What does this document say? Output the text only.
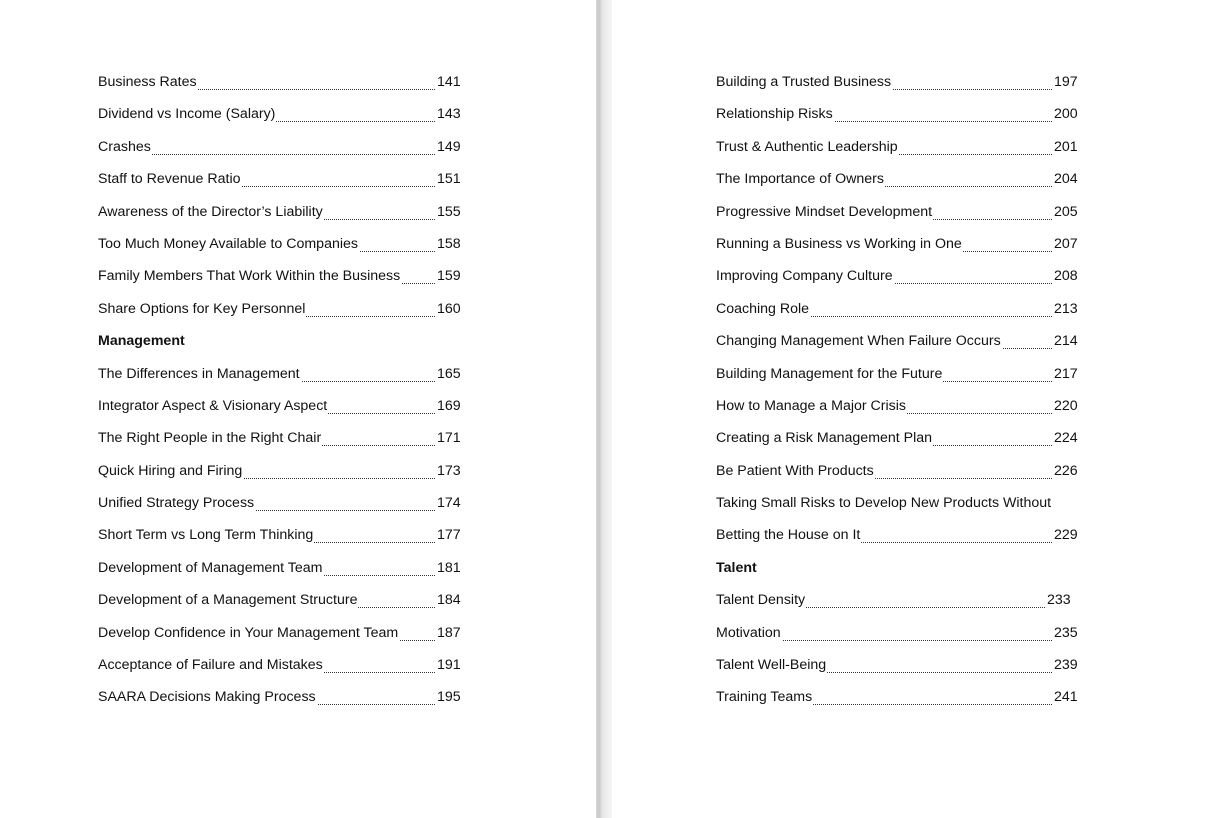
Business Rates	141
Dividend vs Income (Salary)	143
Crashes	149
Staff to Revenue Ratio	151
Awareness of the Director’s Liability	155
Too Much Money Available to Companies	158
Family Members That Work Within the Business	159
Share Options for Key Personnel	160
Management
The Differences in Management	165
Integrator Aspect & Visionary Aspect	169
The Right People in the Right Chair	171
Quick Hiring and Firing	173
Unified Strategy Process	174
Short Term vs Long Term Thinking	177
Development of Management Team	181
Development of a Management Structure	184
Develop Confidence in Your Management Team	187
Acceptance of Failure and Mistakes	191
SAARA Decisions Making Process	195
Building a Trusted Business	197
Relationship Risks	200
Trust & Authentic Leadership	201
The Importance of Owners	204
Progressive Mindset Development	205
Running a Business vs Working in One	207
Improving Company Culture	208
Coaching Role	213
Changing Management When Failure Occurs	214
Building Management for the Future	217
How to Manage a Major Crisis	220
Creating a Risk Management Plan	224
Be Patient With Products	226
Taking Small Risks to Develop New Products Without
Betting the House on It	229
Talent
Talent Density	233
Motivation	235
Talent Well-Being	239
Training Teams	241
